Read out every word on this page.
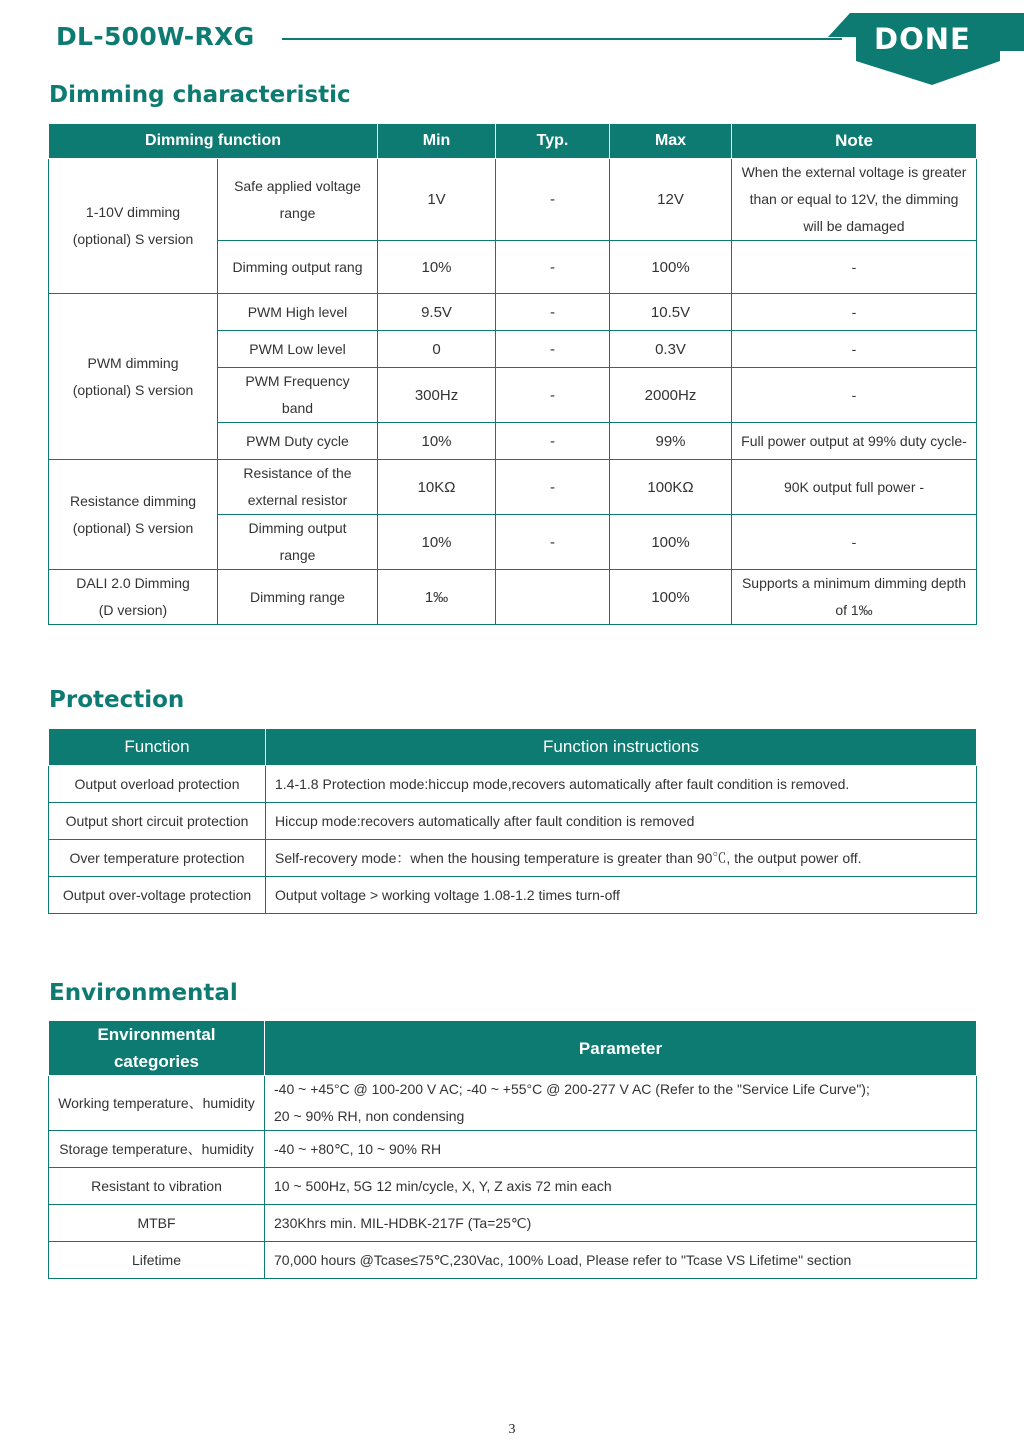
DL-500W-RXG	DONE
Dimming characteristic
Dimming function		Min	Typ.	Max	Note
1-10V dimming
(optional) S version	Safe applied voltage range	1V	-	12V	When the external voltage is greater than or equal to 12V, the dimming will be damaged
	Dimming output rang	10%	-	100%	-
PWM dimming
(optional) S version	PWM High level	9.5V	-	10.5V	-
	PWM Low level	0	-	0.3V	-
	PWM Frequency band	300Hz	-	2000Hz	-
	PWM Duty cycle	10%	-	99%	Full power output at 99% duty cycle-
Resistance dimming
(optional) S version	Resistance of the external resistor	10KΩ	-	100KΩ	90K output full power -
	Dimming output range	10%	-	100%	-
DALI 2.0 Dimming
(D version)	Dimming range	1‰		100%	Supports a minimum dimming depth of 1‰
Protection
Function	Function instructions
Output overload protection	1.4-1.8 Protection mode:hiccup mode,recovers automatically after fault condition is removed.
Output short circuit protection	Hiccup mode:recovers automatically after fault condition is removed
Over temperature protection	Self-recovery mode：when the housing temperature is greater than 90℃, the output power off.
Output over-voltage protection	Output voltage > working voltage 1.08-1.2 times turn-off
Environmental
Environmental categories	Parameter
Working temperature、humidity	-40 ~ +45°C @ 100-200 V AC; -40 ~ +55°C @ 200-277 V AC (Refer to the "Service Life Curve");
20 ~ 90% RH, non condensing
Storage temperature、humidity	-40 ~ +80℃, 10 ~ 90% RH
Resistant to vibration	10 ~ 500Hz, 5G 12 min/cycle, X, Y, Z axis 72 min each
MTBF	230Khrs min. MIL-HDBK-217F (Ta=25℃)
Lifetime	70,000 hours @Tcase≤75℃,230Vac, 100% Load, Please refer to "Tcase VS Lifetime" section
3
